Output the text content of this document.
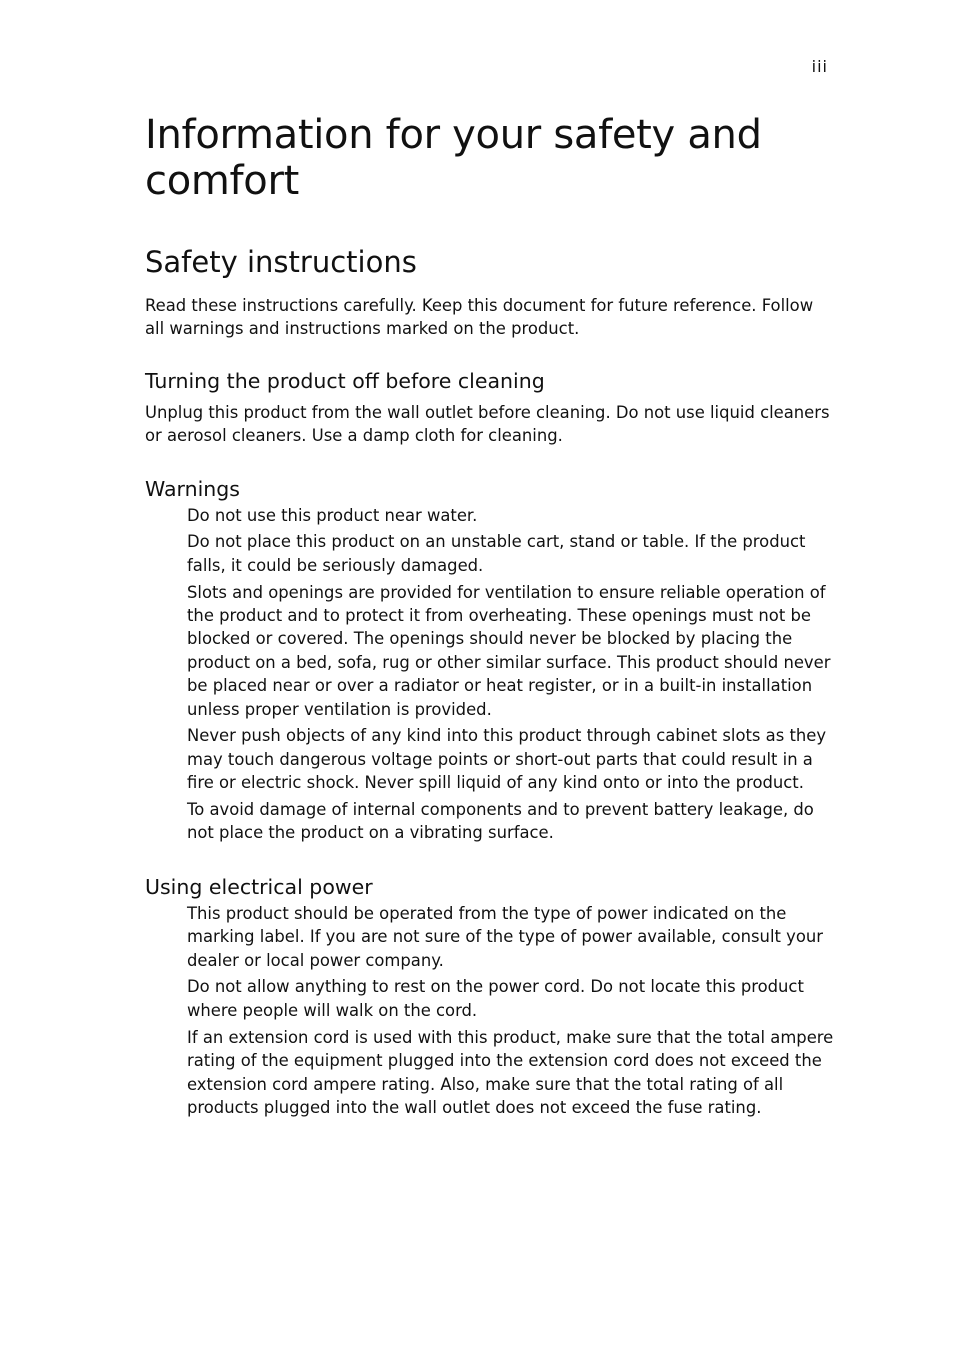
iii
Information for your safety and comfort
Safety instructions

Read these instructions carefully. Keep this document for future reference. Follow all warnings and instructions marked on the product.

Turning the product off before cleaning

Unplug this product from the wall outlet before cleaning. Do not use liquid cleaners or aerosol cleaners. Use a damp cloth for cleaning.

Warnings
Do not use this product near water.
Do not place this product on an unstable cart, stand or table. If the product falls, it could be seriously damaged.
Slots and openings are provided for ventilation to ensure reliable operation of the product and to protect it from overheating. These openings must not be blocked or covered. The openings should never be blocked by placing the product on a bed, sofa, rug or other similar surface. This product should never be placed near or over a radiator or heat register, or in a built-in installation unless proper ventilation is provided.
Never push objects of any kind into this product through cabinet slots as they may touch dangerous voltage points or short-out parts that could result in a fire or electric shock. Never spill liquid of any kind onto or into the product.
To avoid damage of internal components and to prevent battery leakage, do not place the product on a vibrating surface.
Using electrical power
This product should be operated from the type of power indicated on the marking label. If you are not sure of the type of power available, consult your dealer or local power company.
Do not allow anything to rest on the power cord. Do not locate this product where people will walk on the cord.
If an extension cord is used with this product, make sure that the total ampere rating of the equipment plugged into the extension cord does not exceed the extension cord ampere rating. Also, make sure that the total rating of all products plugged into the wall outlet does not exceed the fuse rating.
